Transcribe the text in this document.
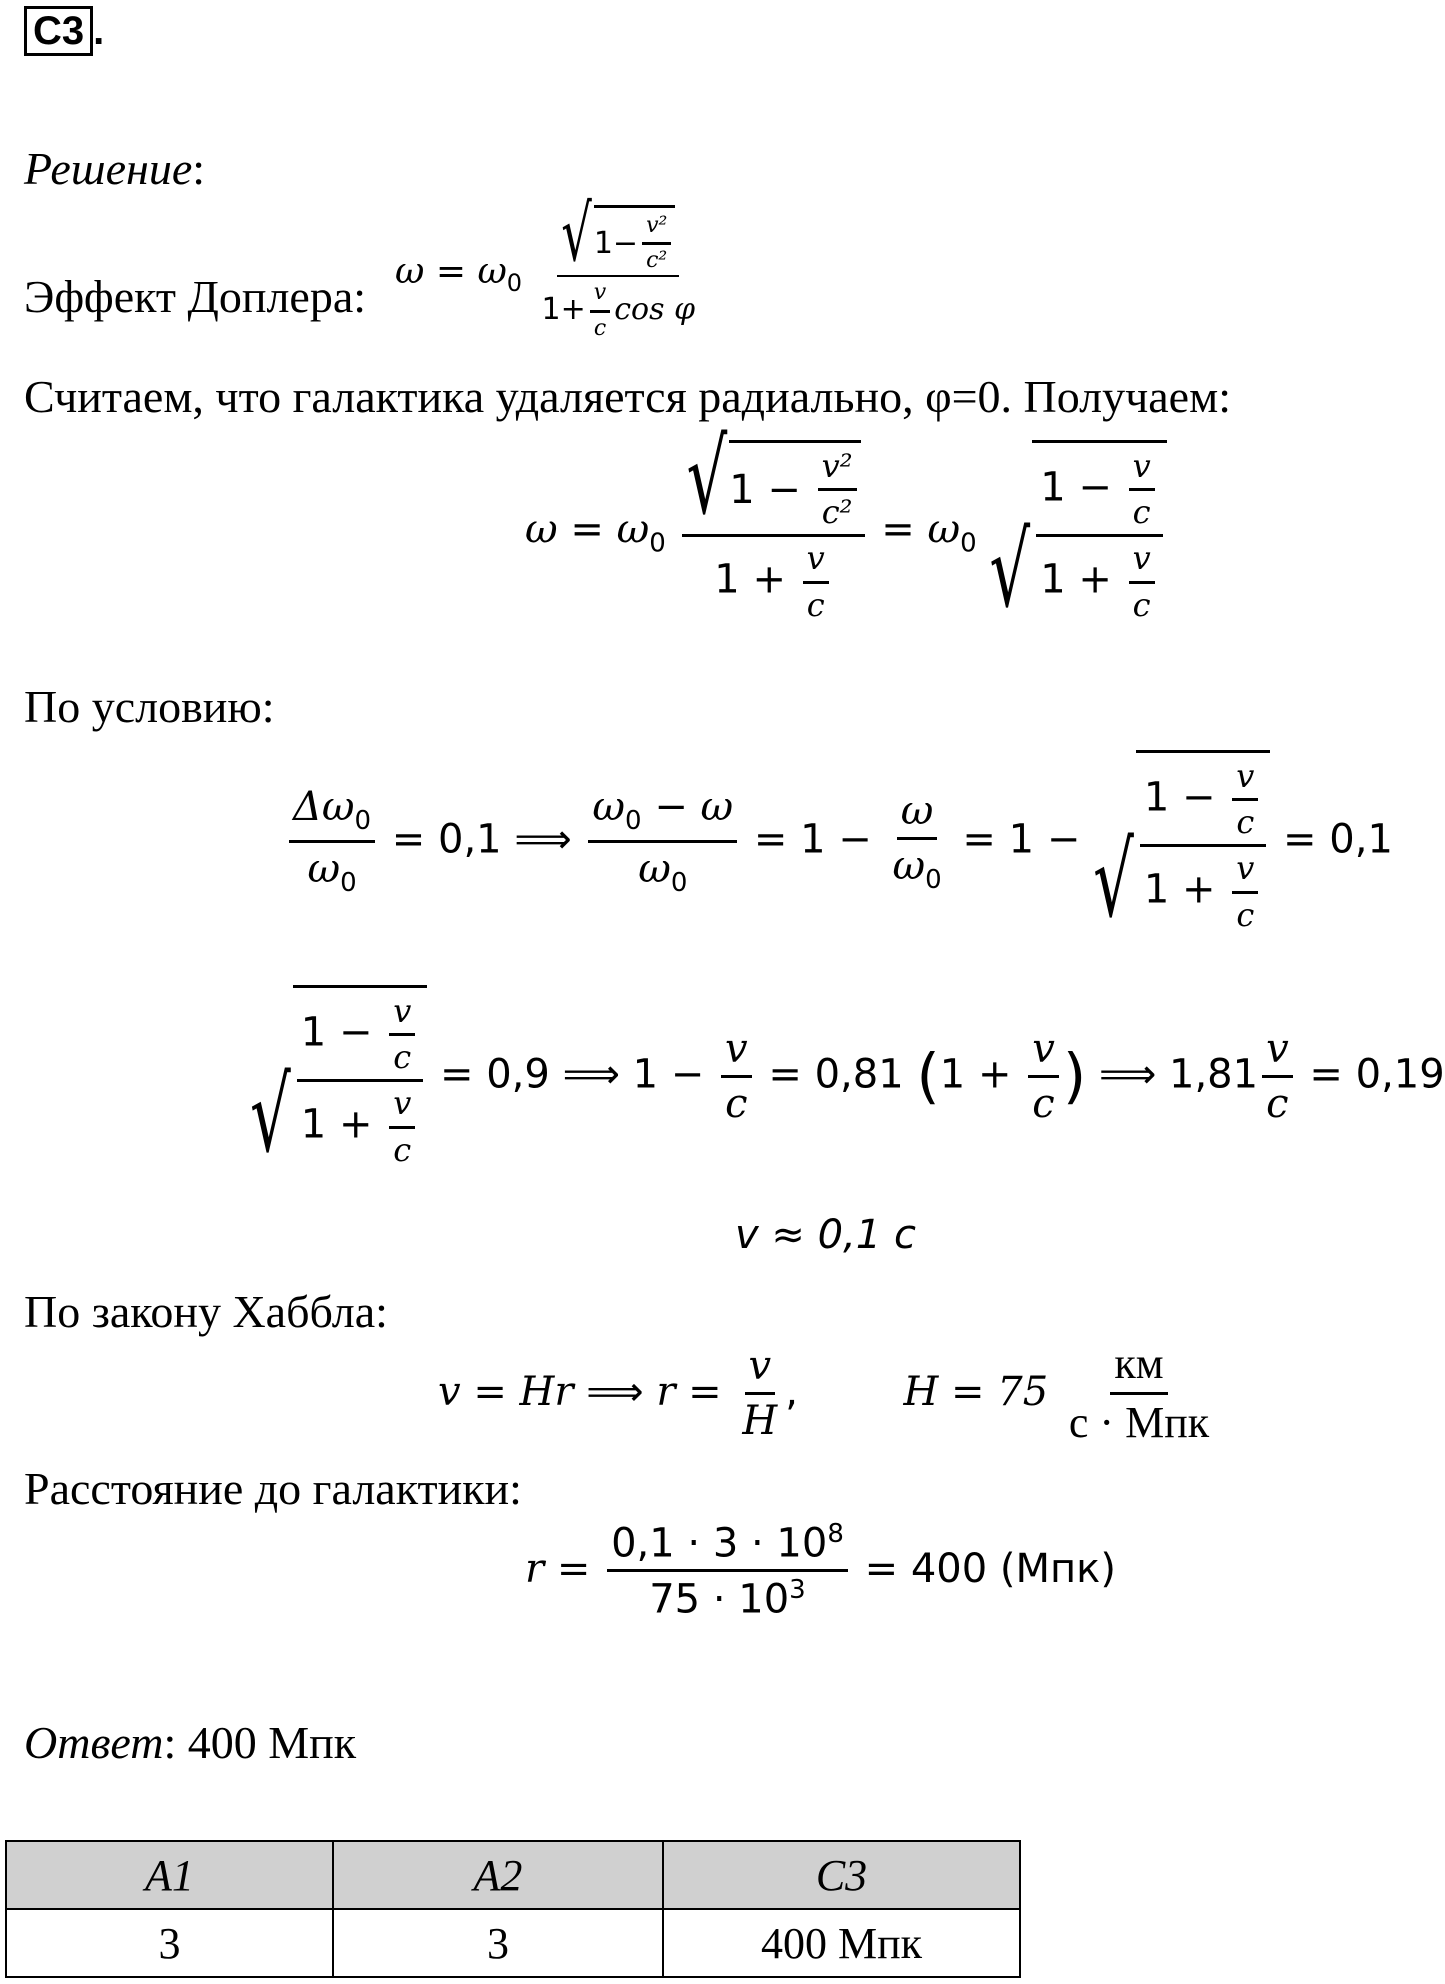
C3 .
Решение:
Эффект Доплера: $\omega = \omega_0 \frac{√ 1 - \frac{\text{v²}}{\text{c²}}}{1+ \frac{v}{c} \cos \varphi}$
Считаем, что галактика удаляется радиально, φ=0. Получаем:
$\omega = \omega_0$ √ 1
−
$\frac{\text{v²}}{\text{c²}}$
$1 + \frac{v}{c} = \omega_0$ √ $\frac{1 - \frac{v}{c}}{1 + \frac{v}{c}}$
По условию:
$\frac{\Delta\omega_0}{\omega_0} = 0,1$ ⟹ $\frac{\omega_0 - \omega}{\omega_0} = 1 - \frac{\omega}{\omega_0} = 1$ − √ $\frac{1 - \frac{v}{c}}{1 + \frac{v}{c}} = 0,1$
√ $\frac{1 - \frac{v}{c}}{1 + \frac{v}{c}} = 0,9$ ⟹ $1 - \frac{v}{c} = 0,81$ ($1 + \frac{v}{c}$ ) ⟹ $1,81 \frac{v}{c} = 0,19$
v ≈ 0,1 c
По закону Хаббла:
v = Hr ⟹ $r = \frac{v}{H}$ ,  $H = 75 \frac{км}{\text{с · Мпк}}$
Расстояние до галактики:
$r = \frac{0,1 \cdot 3 \cdot 10^8}{75 \cdot 10^3} = 400$ (Мпк)
Ответ: 400 Мпк
A1	A2	C3
3	3	400 Мпк
